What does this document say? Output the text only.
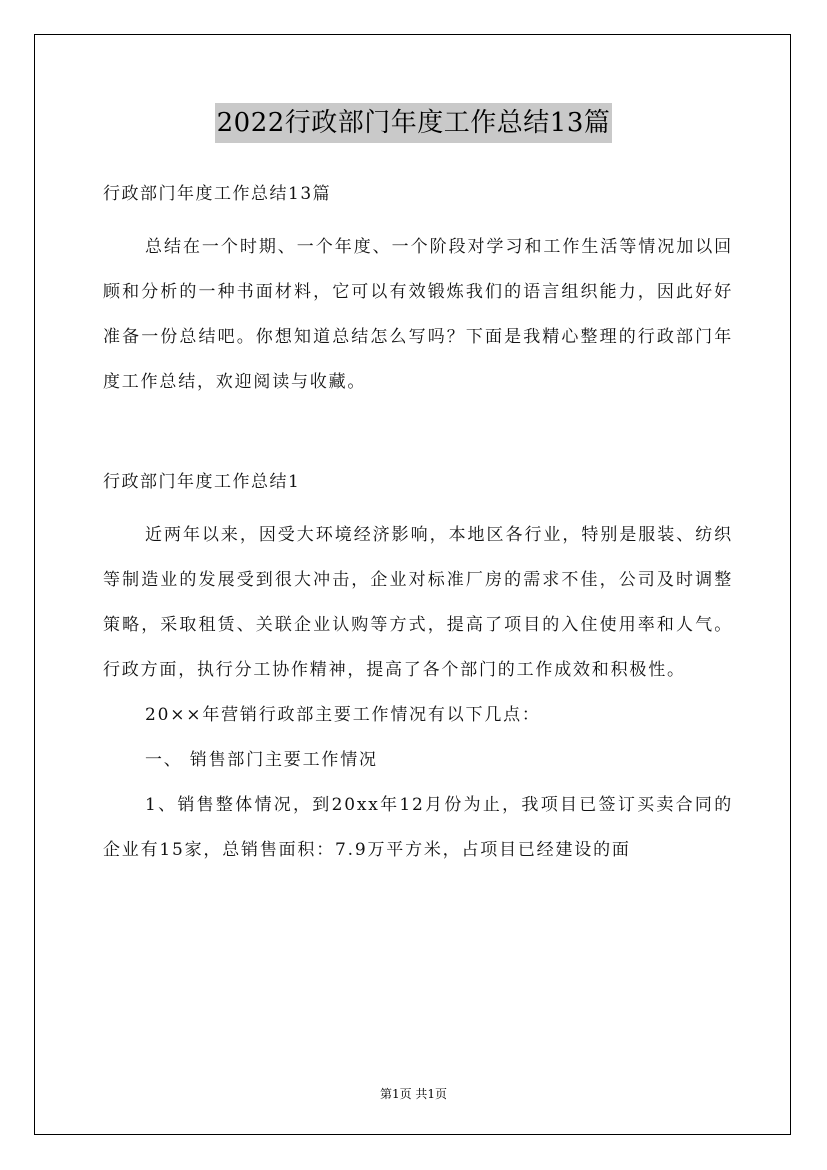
2022行政部门年度工作总结13篇

行政部门年度工作总结13篇

总结在一个时期、一个年度、一个阶段对学习和工作生活等情况加以回顾和分析的一种书面材料，它可以有效锻炼我们的语言组织能力，因此好好准备一份总结吧。你想知道总结怎么写吗？下面是我精心整理的行政部门年度工作总结，欢迎阅读与收藏。

行政部门年度工作总结1

近两年以来，因受大环境经济影响，本地区各行业，特别是服装、纺织等制造业的发展受到很大冲击，企业对标准厂房的需求不佳，公司及时调整策略，采取租赁、关联企业认购等方式，提高了项目的入住使用率和人气。行政方面，执行分工协作精神，提高了各个部门的工作成效和积极性。

20××年营销行政部主要工作情况有以下几点：

一、 销售部门主要工作情况

1、销售整体情况，到20xx年12月份为止，我项目已签订买卖合同的企业有15家，总销售面积：7.9万平方米，占项目已经建设的面

第1页 共1页
